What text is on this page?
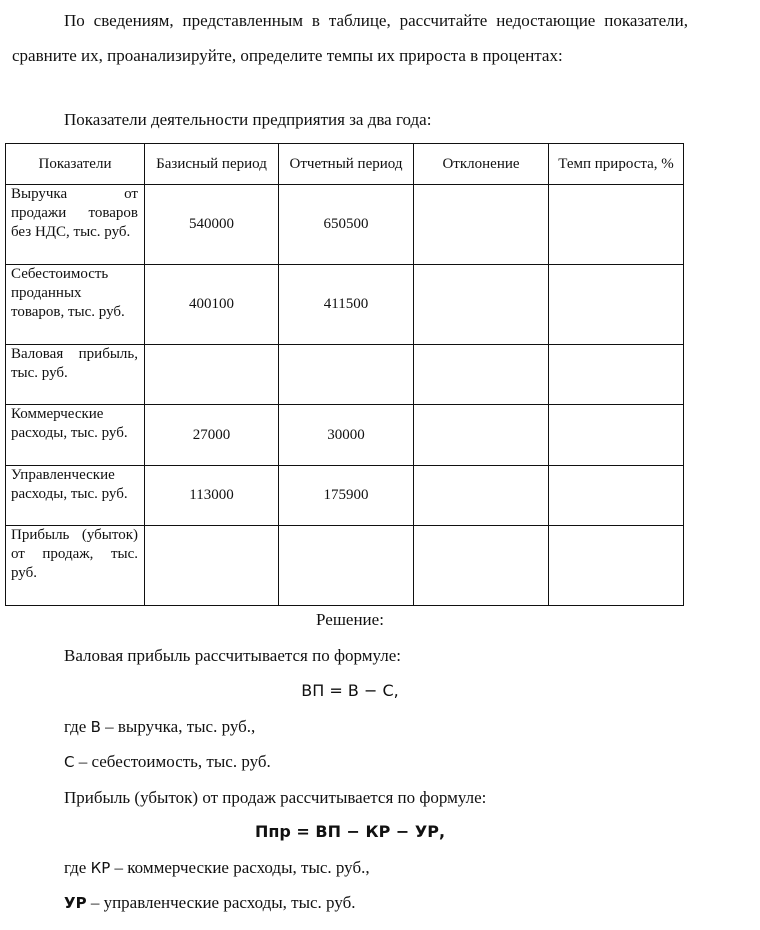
По сведениям, представленным в таблице, рассчитайте недостающие показатели, сравните их, проанализируйте, определите темпы их прироста в процентах:

Показатели деятельности предприятия за два года:

Показатели	Базисный период	Отчетный период	Отклонение	Темп прироста, %
Выручка от продажи товаров без НДС, тыс. руб.	540000	650500		
Себестоимость проданных товаров, тыс. руб.	400100	411500		
Валовая прибыль, тыс. руб.				
Коммерческие расходы, тыс. руб.	27000	30000		
Управленческие расходы, тыс. руб.	113000	175900		
Прибыль (убыток) от продаж, тыс. руб.				

Решение:

Валовая прибыль рассчитывается по формуле:

ВП = В − С,

где В – выручка, тыс. руб.,

С – себестоимость, тыс. руб.

Прибыль (убыток) от продаж рассчитывается по формуле:

Ппр = ВП − КР − УР,

где КР – коммерческие расходы, тыс. руб.,

УР – управленческие расходы, тыс. руб.
